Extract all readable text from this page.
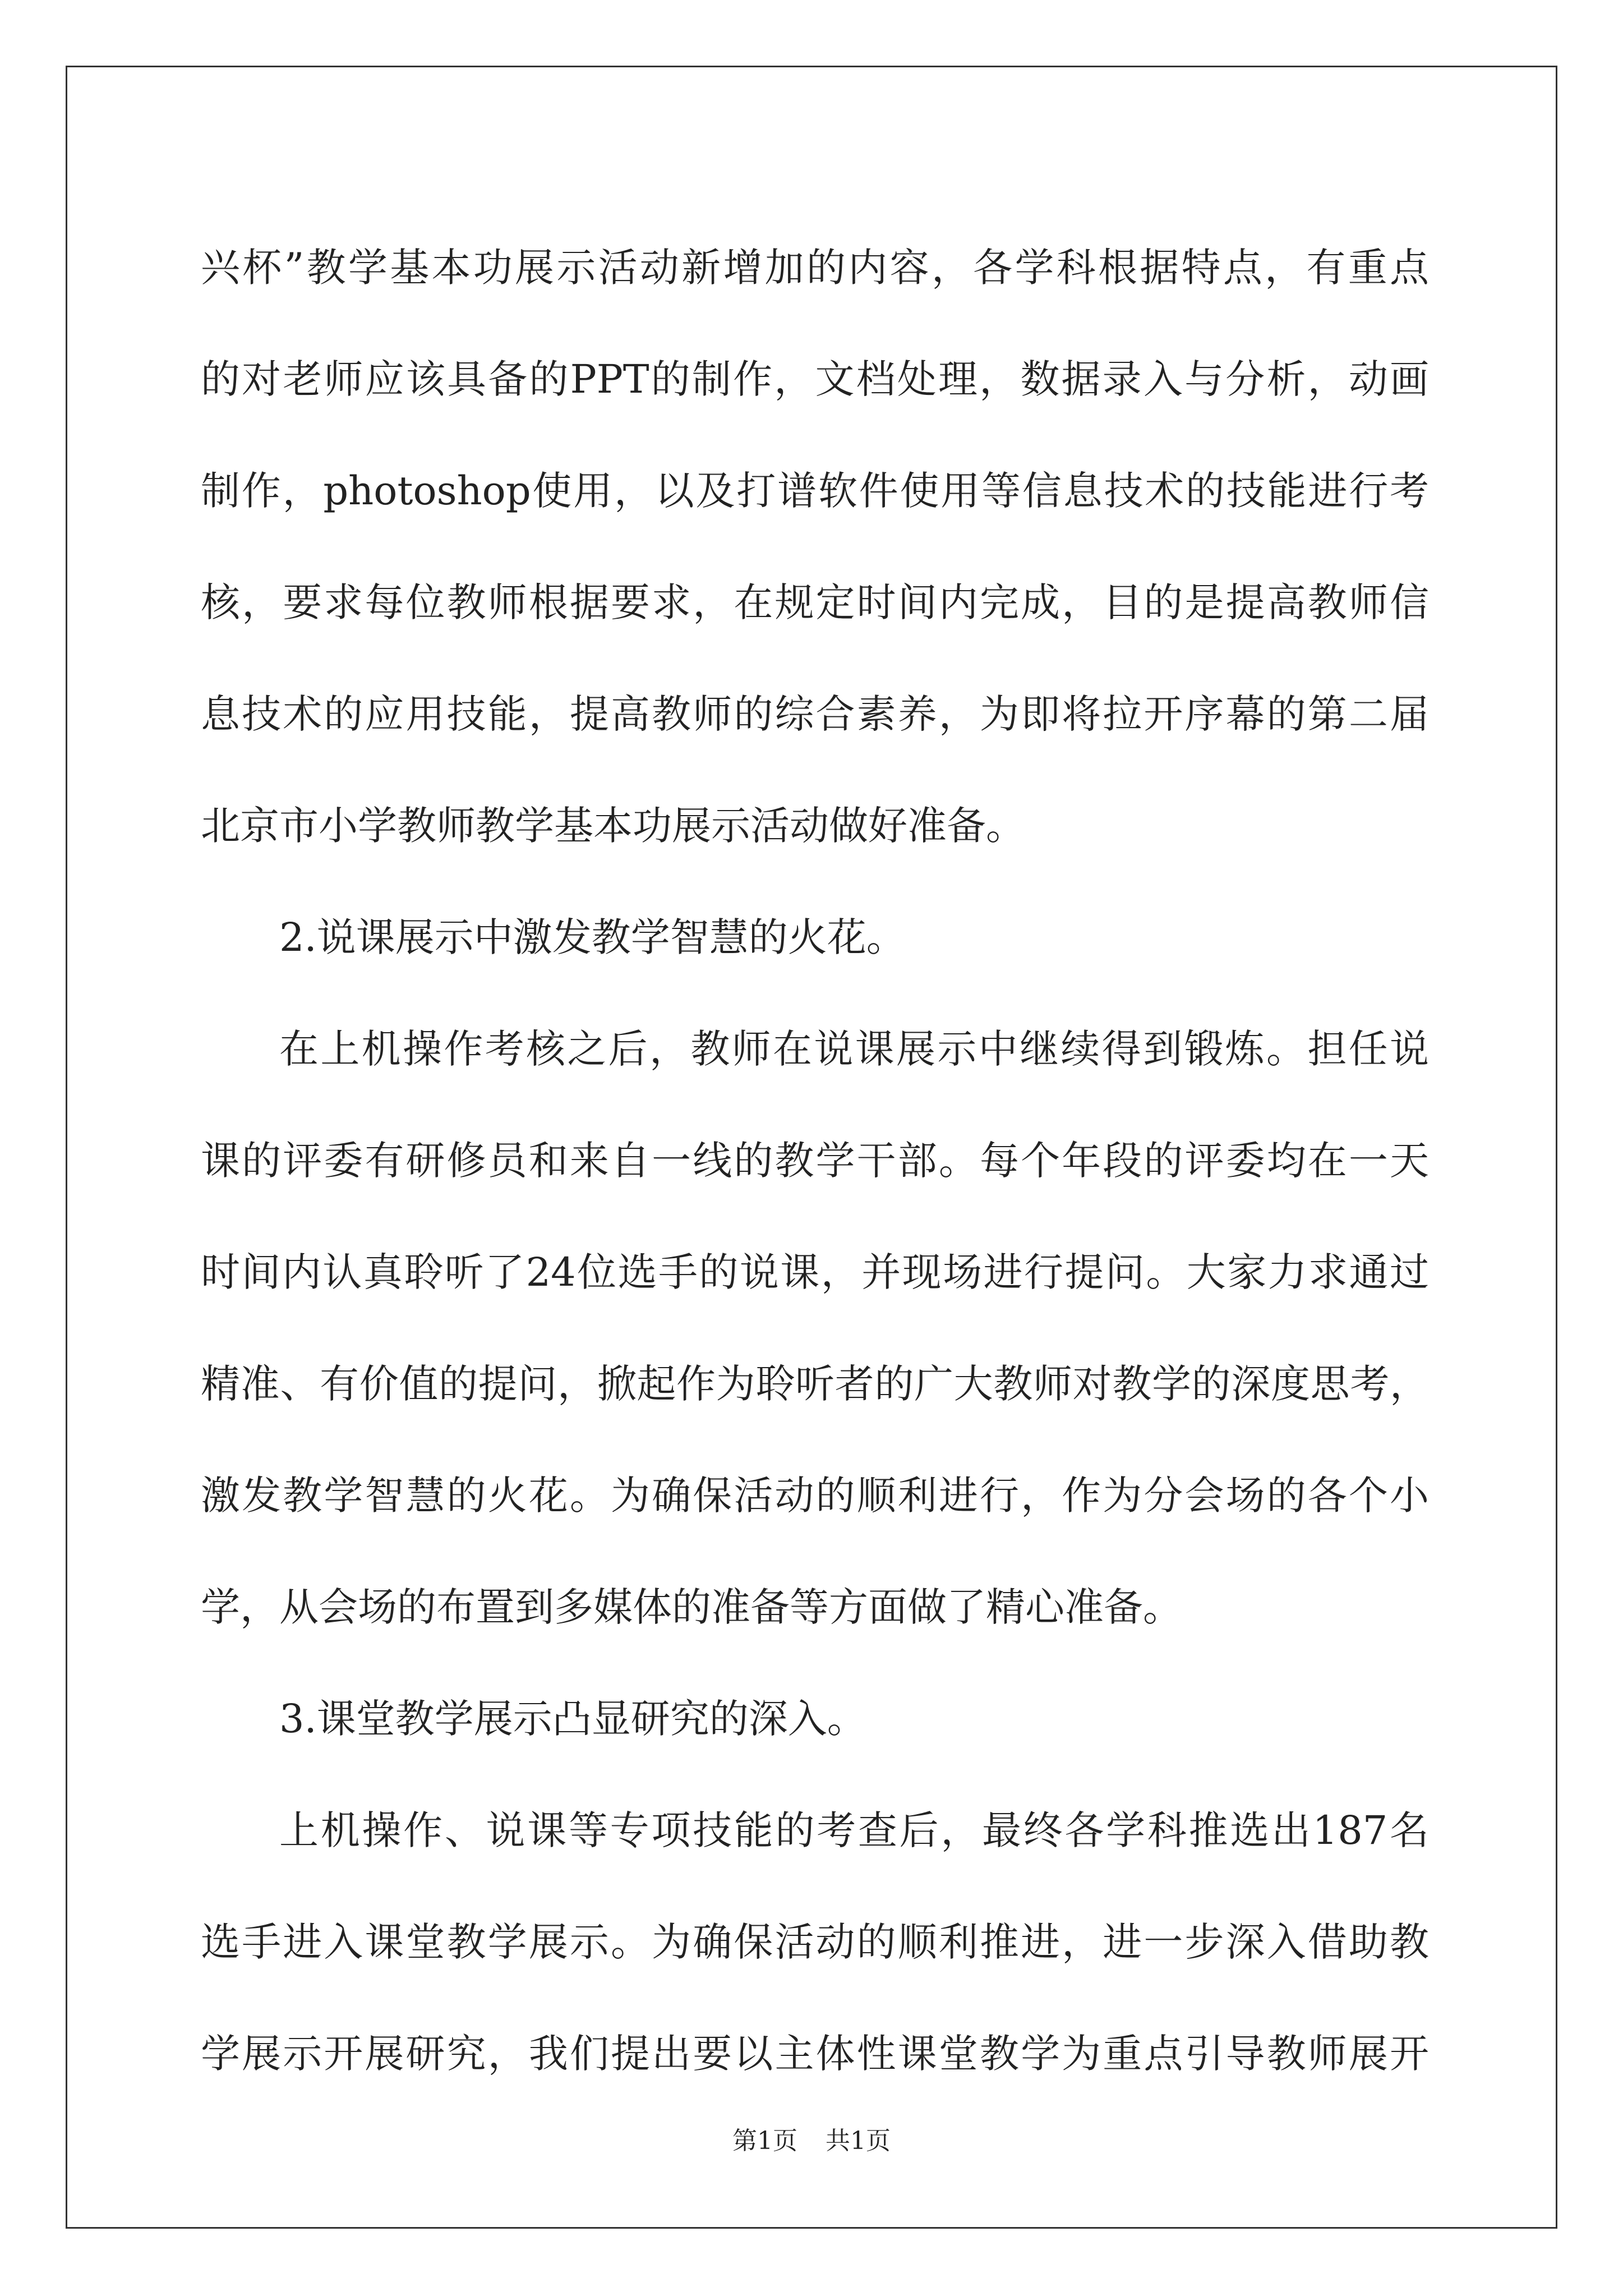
兴杯”教学基本功展示活动新增加的内容，各学科根据特点，有重点
的对老师应该具备的PPT的制作，文档处理，数据录入与分析，动画
制作，photoshop使用，以及打谱软件使用等信息技术的技能进行考
核，要求每位教师根据要求，在规定时间内完成，目的是提高教师信
息技术的应用技能，提高教师的综合素养，为即将拉开序幕的第二届
北京市小学教师教学基本功展示活动做好准备。
2.说课展示中激发教学智慧的火花。
在上机操作考核之后，教师在说课展示中继续得到锻炼。担任说
课的评委有研修员和来自一线的教学干部。每个年段的评委均在一天
时间内认真聆听了24位选手的说课，并现场进行提问。大家力求通过
精准、有价值的提问，掀起作为聆听者的广大教师对教学的深度思考，
激发教学智慧的火花。为确保活动的顺利进行，作为分会场的各个小
学，从会场的布置到多媒体的准备等方面做了精心准备。
3.课堂教学展示凸显研究的深入。
上机操作、说课等专项技能的考查后，最终各学科推选出187名
选手进入课堂教学展示。为确保活动的顺利推进，进一步深入借助教
学展示开展研究，我们提出要以主体性课堂教学为重点引导教师展开
第1页 共1页
